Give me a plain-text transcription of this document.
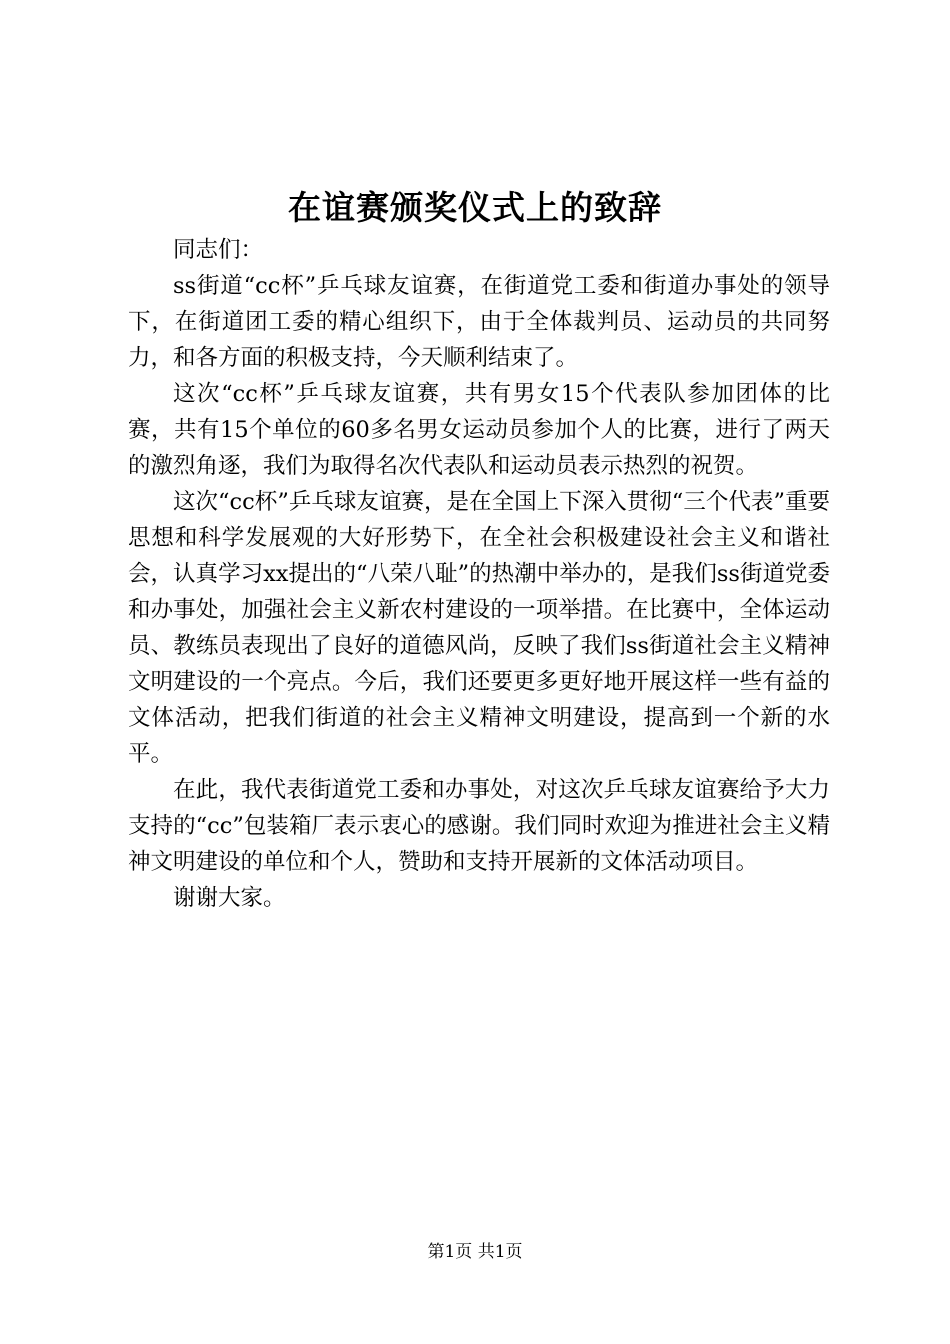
在谊赛颁奖仪式上的致辞

同志们：

ss街道“cc杯”乒乓球友谊赛，在街道党工委和街道办事处的领导下，在街道团工委的精心组织下，由于全体裁判员、运动员的共同努力，和各方面的积极支持，今天顺利结束了。

这次“cc杯”乒乓球友谊赛，共有男女15个代表队参加团体的比赛，共有15个单位的60多名男女运动员参加个人的比赛，进行了两天的激烈角逐，我们为取得名次代表队和运动员表示热烈的祝贺。

这次“cc杯”乒乓球友谊赛，是在全国上下深入贯彻“三个代表”重要思想和科学发展观的大好形势下，在全社会积极建设社会主义和谐社会，认真学习xx提出的“八荣八耻”的热潮中举办的，是我们ss街道党委和办事处，加强社会主义新农村建设的一项举措。在比赛中，全体运动员、教练员表现出了良好的道德风尚，反映了我们ss街道社会主义精神文明建设的一个亮点。今后，我们还要更多更好地开展这样一些有益的文体活动，把我们街道的社会主义精神文明建设，提高到一个新的水平。

在此，我代表街道党工委和办事处，对这次乒乓球友谊赛给予大力支持的“cc”包装箱厂表示衷心的感谢。我们同时欢迎为推进社会主义精神文明建设的单位和个人，赞助和支持开展新的文体活动项目。

谢谢大家。

第1页 共1页
